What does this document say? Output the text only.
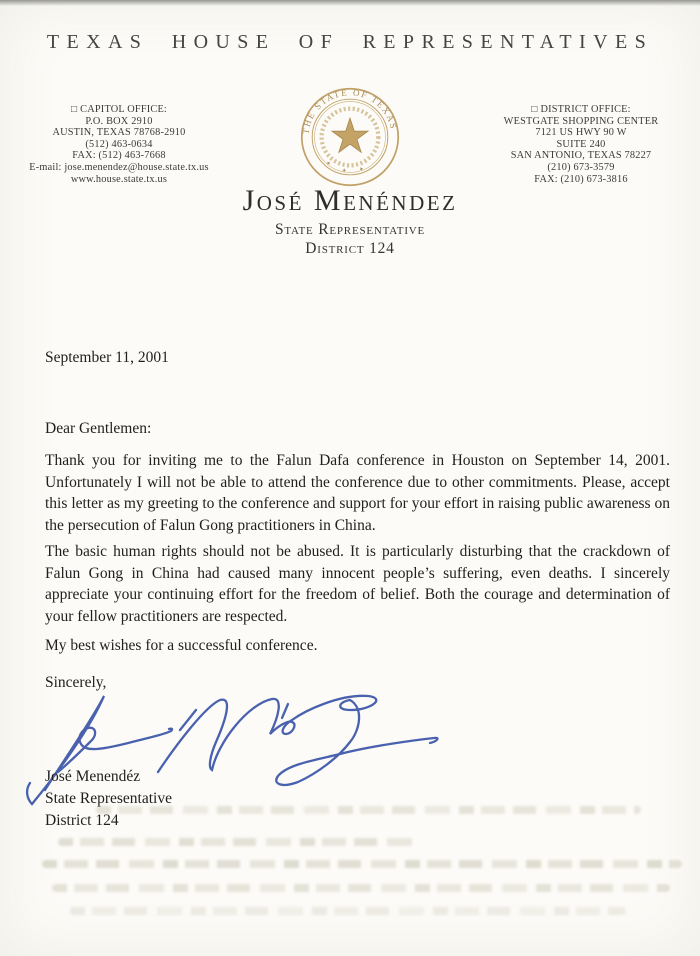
TEXAS HOUSE OF REPRESENTATIVES
□ CAPITOL OFFICE:
P.O. BOX 2910
AUSTIN, TEXAS 78768-2910
(512) 463-0634
FAX: (512) 463-7668
E-mail: jose.menendez@house.state.tx.us
www.house.state.tx.us
□ DISTRICT OFFICE:
WESTGATE SHOPPING CENTER
7121 US HWY 90 W
SUITE 240
SAN ANTONIO, TEXAS 78227
(210) 673-3579
FAX: (210) 673-3816
THE STATE OF TEXAS
✦ ✦ ✦
José Menéndez
State Representative
District 124
September 11, 2001
Dear Gentlemen:

Thank you for inviting me to the Falun Dafa conference in Houston on September 14, 2001. Unfortunately I will not be able to attend the conference due to other commitments. Please, accept this letter as my greeting to the conference and support for your effort in raising public awareness on the persecution of Falun Gong practitioners in China.

The basic human rights should not be abused. It is particularly disturbing that the crackdown of Falun Gong in China had caused many innocent people’s suffering, even deaths. I sincerely appreciate your continuing effort for the freedom of belief. Both the courage and determination of your fellow practitioners are respected.

My best wishes for a successful conference.

Sincerely,
José Menendéz
State Representative
District 124
